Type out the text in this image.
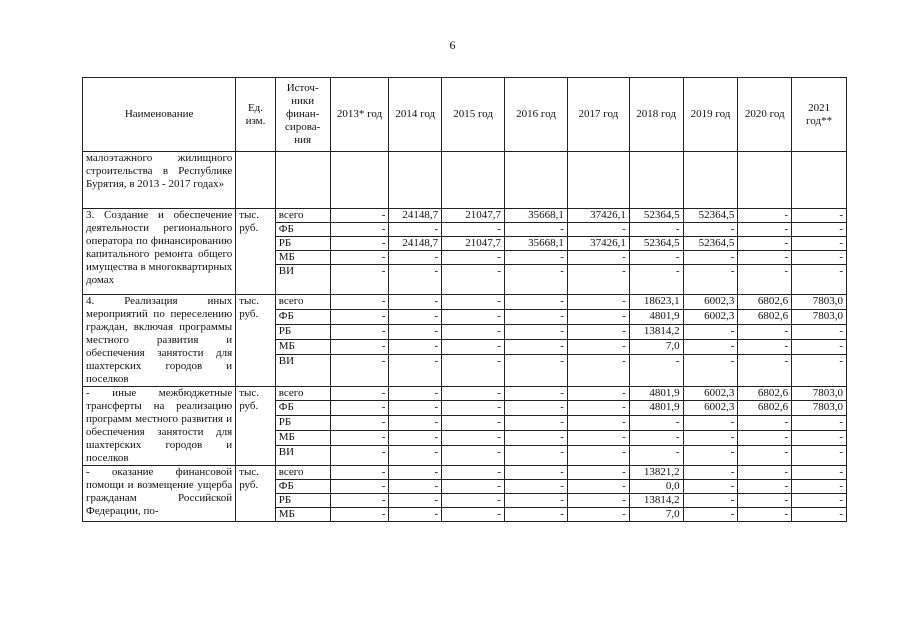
6
Наименование	Ед. изм.	Источ-ники финан-сирова-ния	2013* год	2014 год	2015 год	2016 год	2017 год	2018 год	2019 год	2020 год	2021 год**
малоэтажного жилищного строительства в Республике Бурятия, в 2013 - 2017 годах»											
3. Создание и обеспечение деятельности регионального оператора по финансированию капитального ремонта общего имущества в многоквартирных домах	тыс. руб.	всего	-	24148,7	21047,7	35668,1	37426,1	52364,5	52364,5	-	-
		ФБ	-	-	-	-	-	-	-	-	-
		РБ	-	24148,7	21047,7	35668,1	37426,1	52364,5	52364,5	-	-
		МБ	-	-	-	-	-	-	-	-	-
		ВИ	-	-	-	-	-	-	-	-	-
4. Реализация иных мероприятий по переселению граждан, включая программы местного развития и обеспечения занятости для шахтерских городов и поселков	тыс. руб.	всего	-	-	-	-	-	18623,1	6002,3	6802,6	7803,0
		ФБ	-	-	-	-	-	4801,9	6002,3	6802,6	7803,0
		РБ	-	-	-	-	-	13814,2	-	-	-
		МБ	-	-	-	-	-	7,0	-	-	-
		ВИ	-	-	-	-	-	-	-	-	-
- иные межбюджетные трансферты на реализацию программ местного развития и обеспечения занятости для шахтерских городов и поселков	тыс. руб.	всего	-	-	-	-	-	4801,9	6002,3	6802,6	7803,0
		ФБ	-	-	-	-	-	4801,9	6002,3	6802,6	7803,0
		РБ	-	-	-	-	-	-	-	-	-
		МБ	-	-	-	-	-	-	-	-	-
		ВИ	-	-	-	-	-	-	-	-	-
- оказание финансовой помощи и возмещение ущерба гражданам Российской Федерации, по-	тыс. руб.	всего	-	-	-	-	-	13821,2	-	-	-
		ФБ	-	-	-	-	-	0,0	-	-	-
		РБ	-	-	-	-	-	13814,2	-	-	-
		МБ	-	-	-	-	-	7,0	-	-	-
